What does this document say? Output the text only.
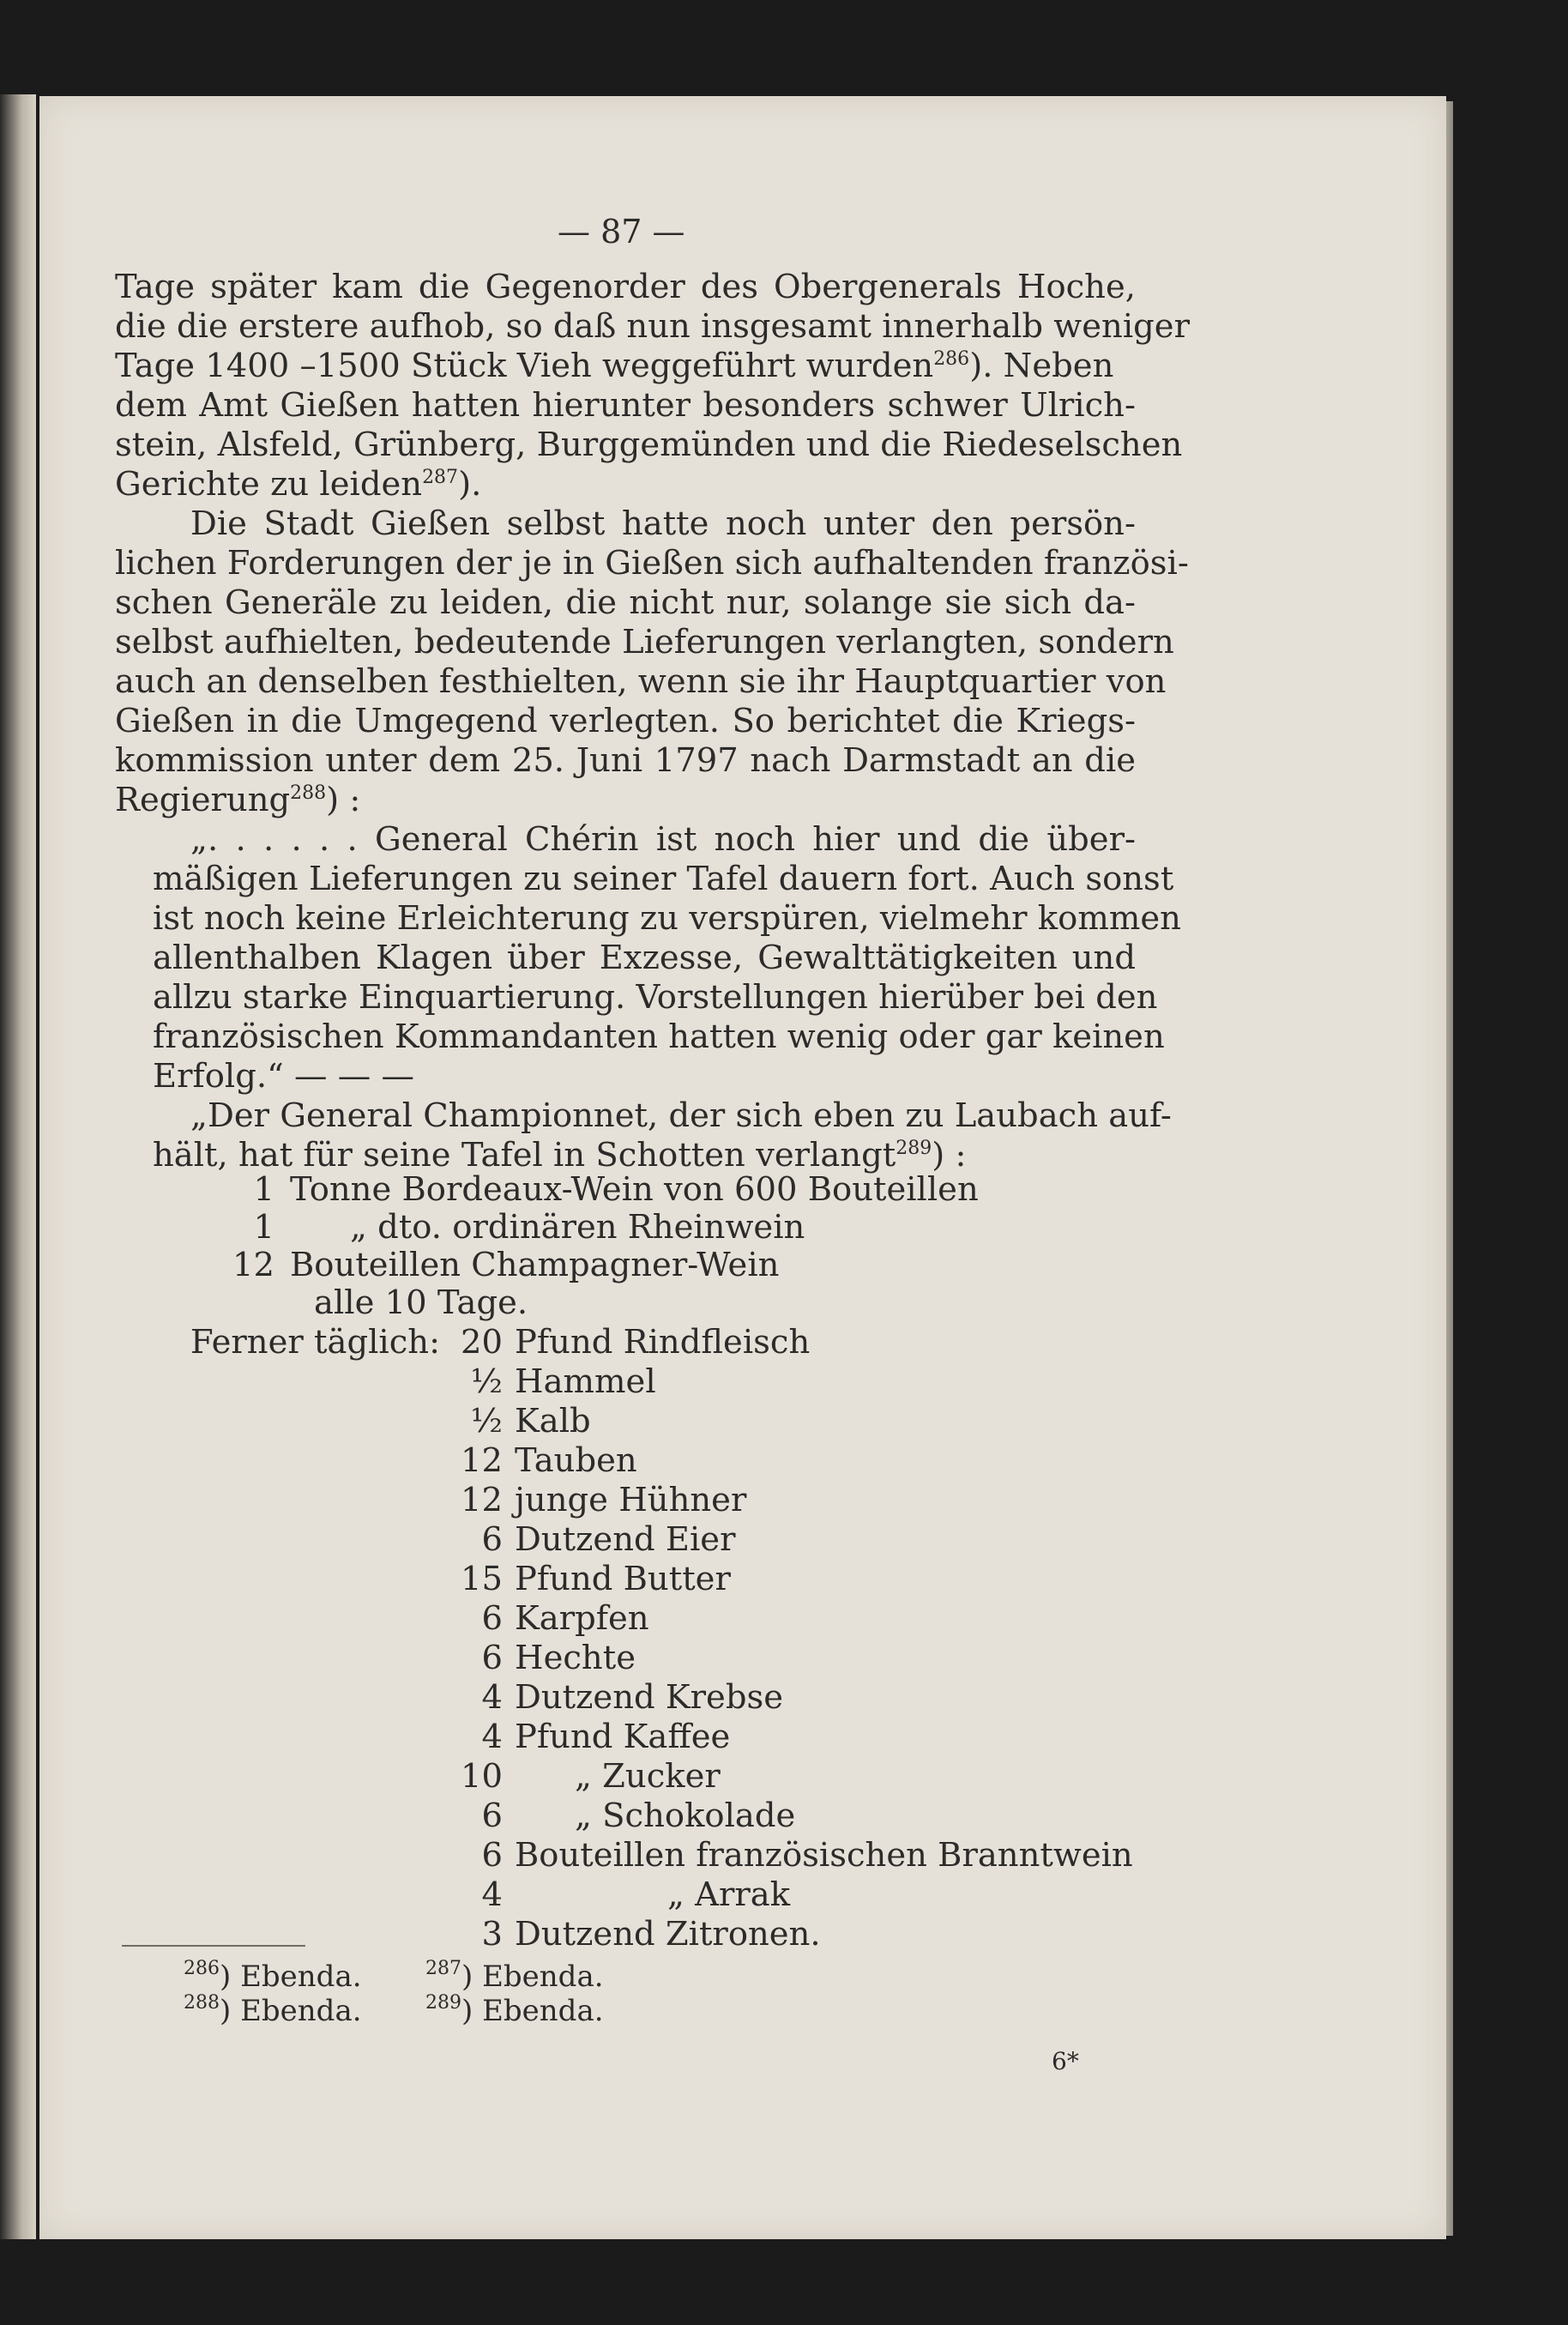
— 87 —
Tage später kam die Gegenorder des Obergenerals Hoche,
die die erstere aufhob, so daß nun insgesamt innerhalb weniger
Tage 1400 –1500 Stück Vieh weggeführt wurden$^{286}$). Neben
dem Amt Gießen hatten hierunter besonders schwer Ulrich-
stein, Alsfeld, Grünberg, Burggemünden und die Riedeselschen
Gerichte zu leiden$^{287}$).
Die Stadt Gießen selbst hatte noch unter den persön-
lichen Forderungen der je in Gießen sich aufhaltenden französi-
schen Generäle zu leiden, die nicht nur, solange sie sich da-
selbst aufhielten, bedeutende Lieferungen verlangten, sondern
auch an denselben festhielten, wenn sie ihr Hauptquartier von
Gießen in die Umgegend verlegten. So berichtet die Kriegs-
kommission unter dem 25. Juni 1797 nach Darmstadt an die
Regierung$^{288}$) :
„. . . . . . General Chérin ist noch hier und die über-
mäßigen Lieferungen zu seiner Tafel dauern fort. Auch sonst
ist noch keine Erleichterung zu verspüren, vielmehr kommen
allenthalben Klagen über Exzesse, Gewalttätigkeiten und
allzu starke Einquartierung. Vorstellungen hierüber bei den
französischen Kommandanten hatten wenig oder gar keinen
Erfolg.“ — — —
„Der General Championnet, der sich eben zu Laubach auf-
hält, hat für seine Tafel in Schotten verlangt$^{289}$) :
1 Tonne Bordeaux-Wein von 600 Bouteillen
1 „ dto. ordinären Rheinwein
12 Bouteillen Champagner-Wein
alle 10 Tage.
Ferner täglich: 20 Pfund Rindfleisch
½ Hammel
½ Kalb
12 Tauben
12 junge Hühner
6 Dutzend Eier
15 Pfund Butter
6 Karpfen
6 Hechte
4 Dutzend Krebse
4 Pfund Kaffee
10 „ Zucker
6 „ Schokolade
6 Bouteillen französischen Branntwein
4	„ Arrak
3 Dutzend Zitronen.
$^{286}$) Ebenda.	$^{287}$) Ebenda.
$^{288}$) Ebenda.	$^{289}$) Ebenda.
6*
